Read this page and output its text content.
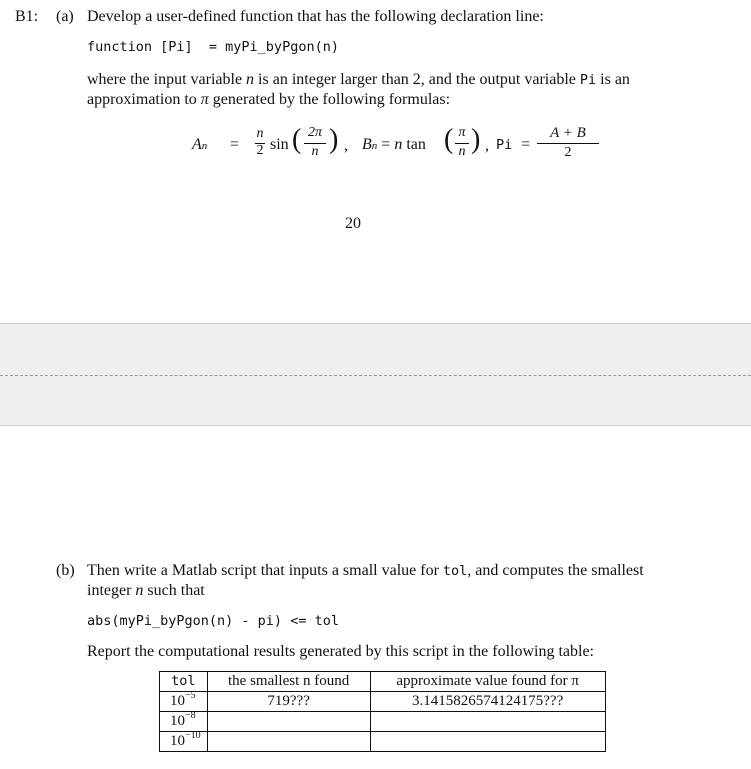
B1: (a) Develop a user-defined function that has the following declaration line:
function [Pi]  = myPi_byPgon(n)
where the input variable n is an integer larger than 2, and the output variable Pi is an
approximation to π generated by the following formulas:
An =
n
2 sin ( 2π
n ) , Bn = n tan ( π
n ) , Pi =
A + B
2
20
(b) Then write a Matlab script that inputs a small value for tol, and computes the smallest
integer n such that
abs(myPi_byPgon(n) - pi) <= tol
Report the computational results generated by this script in the following table:
tol	the smallest n found	approximate value found for π
$10^{-5}$	719???	3.1415826574124175???
$10^{-8}$		
$10^{-10}$		
